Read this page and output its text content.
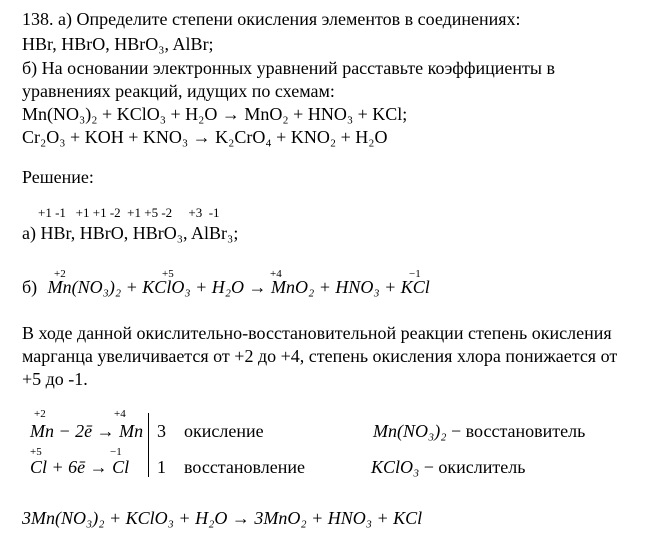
138. а) Определите степени окисления элементов в соединениях:
HBr, HBrO, HBrO₃, AlBr;
б) На основании электронных уравнений расставьте коэффициенты в
уравнениях реакций, идущих по схемам:
Mn(NO₃)₂ + KClO₃ + H₂O → MnO₂ + HNO₃ + KCl;
Cr₂O₃ + KOH + KNO₃ → K₂CrO₄ + KNO₂ + H₂O
Решение:
+1 -1   +1 +1 -2  +1 +5 -2     +3  -1
а) HBr, HBrO, HBrO₃, AlBr₃;
+2	+5	+4	−1
б) Mn(NO₃)₂ + KClO₃ + H₂O → MnO₂ + HNO₃ + KCl
В ходе данной окислительно-восстановительной реакции степень окисления
марганца увеличивается от +2 до +4, степень окисления хлора понижается от
+5 до -1.
+2	+4
Mn − 2ē → Mn 3 окисление	Mn(NO₃)₂ − восстановитель
+5	−1
Cl + 6ē → Cl 1 восстановление	KClO₃ − окислитель
3Mn(NO₃)₂ + KClO₃ + H₂O → 3MnO₂ + HNO₃ + KCl
